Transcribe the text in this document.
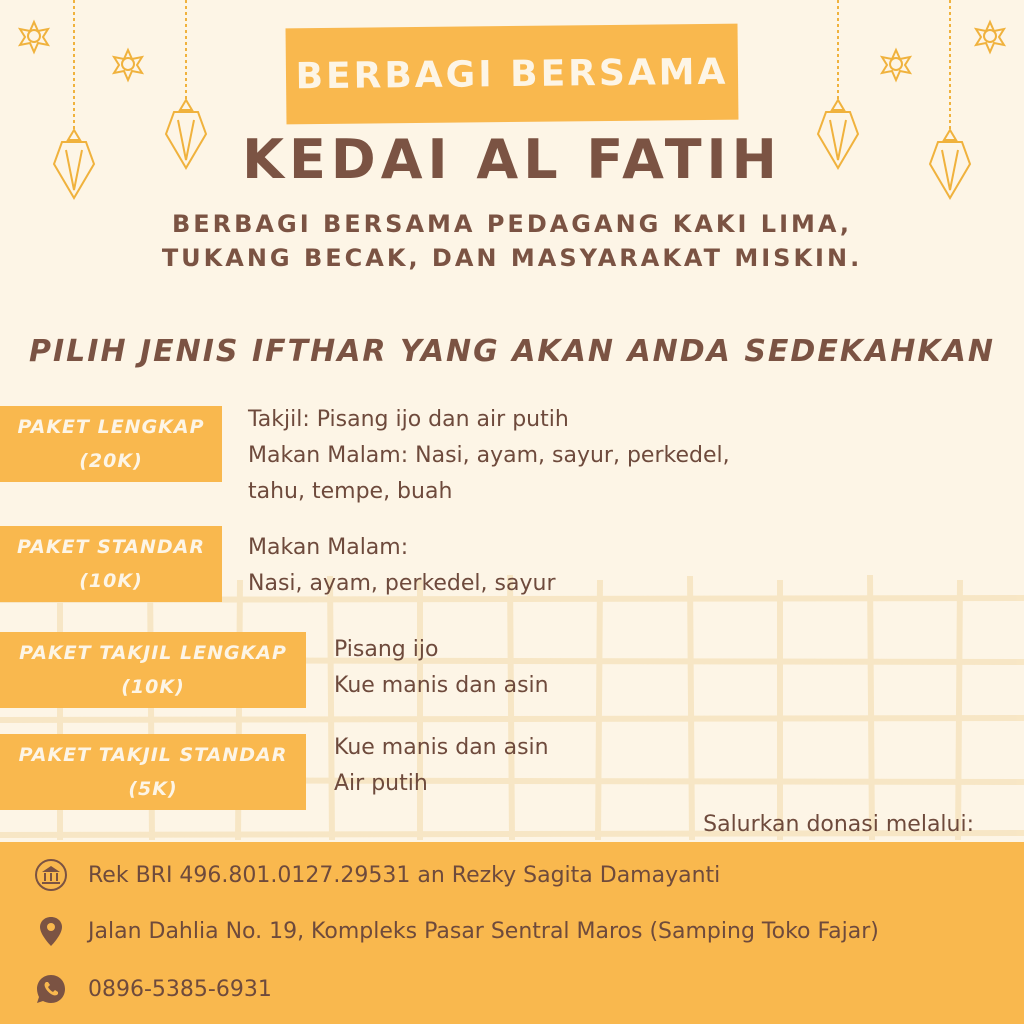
BERBAGI BERSAMA
KEDAI AL FATIH
BERBAGI BERSAMA PEDAGANG KAKI LIMA,
TUKANG BECAK, DAN MASYARAKAT MISKIN.
PILIH JENIS IFTHAR YANG AKAN ANDA SEDEKAHKAN
PAKET LENGKAP
(20K)
Takjil: Pisang ijo dan air putih
Makan Malam: Nasi, ayam, sayur, perkedel,
tahu, tempe, buah
PAKET STANDAR
(10K)
Makan Malam:
Nasi, ayam, perkedel, sayur
PAKET TAKJIL LENGKAP
(10K)
Pisang ijo
Kue manis dan asin
PAKET TAKJIL STANDAR
(5K)
Kue manis dan asin
Air putih
Salurkan donasi melalui:
Rek BRI 496.801.0127.29531 an Rezky Sagita Damayanti
Jalan Dahlia No. 19, Kompleks Pasar Sentral Maros (Samping Toko Fajar)
0896-5385-6931
